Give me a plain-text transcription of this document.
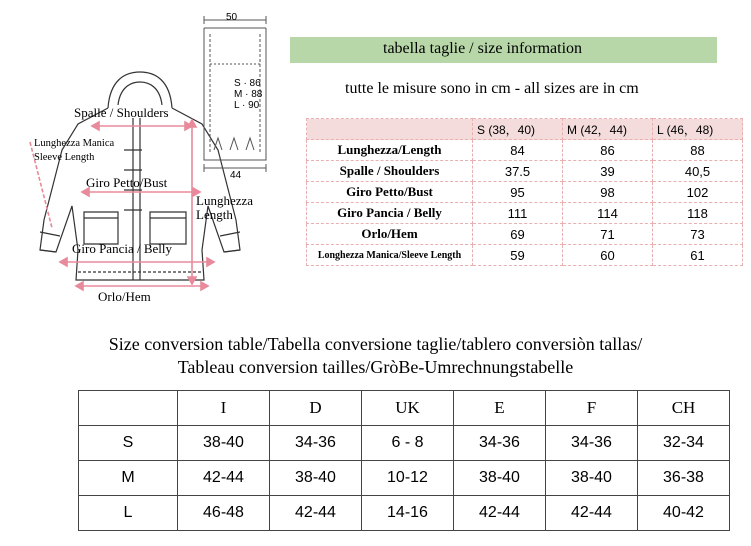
50
44
S · 86
M · 88
L · 90
Spalle / Shoulders
Lunghezza Manica
Sleeve Length
Giro Petto/Bust
Lunghezza
Length
Giro Pancia / Belly
Orlo/Hem
tabella taglie / size information
tutte le misure sono in cm - all sizes are in cm
	S (38，40)	M (42，44)	L (46，48)
Lunghezza/Length	84	86	88
Spalle / Shoulders	37.5	39	40,5
Giro Petto/Bust	95	98	102
Giro Pancia / Belly	111	114	118
Orlo/Hem	69	71	73
Longhezza Manica/Sleeve Length	59	60	61
Size conversion table/Tabella conversione taglie/tablero conversiòn tallas/
Tableau conversion tailles/GròBe-Umrechnungstabelle
	I	D	UK	E	F	CH
S	38-40	34-36	6 - 8	34-36	34-36	32-34
M	42-44	38-40	10-12	38-40	38-40	36-38
L	46-48	42-44	14-16	42-44	42-44	40-42
